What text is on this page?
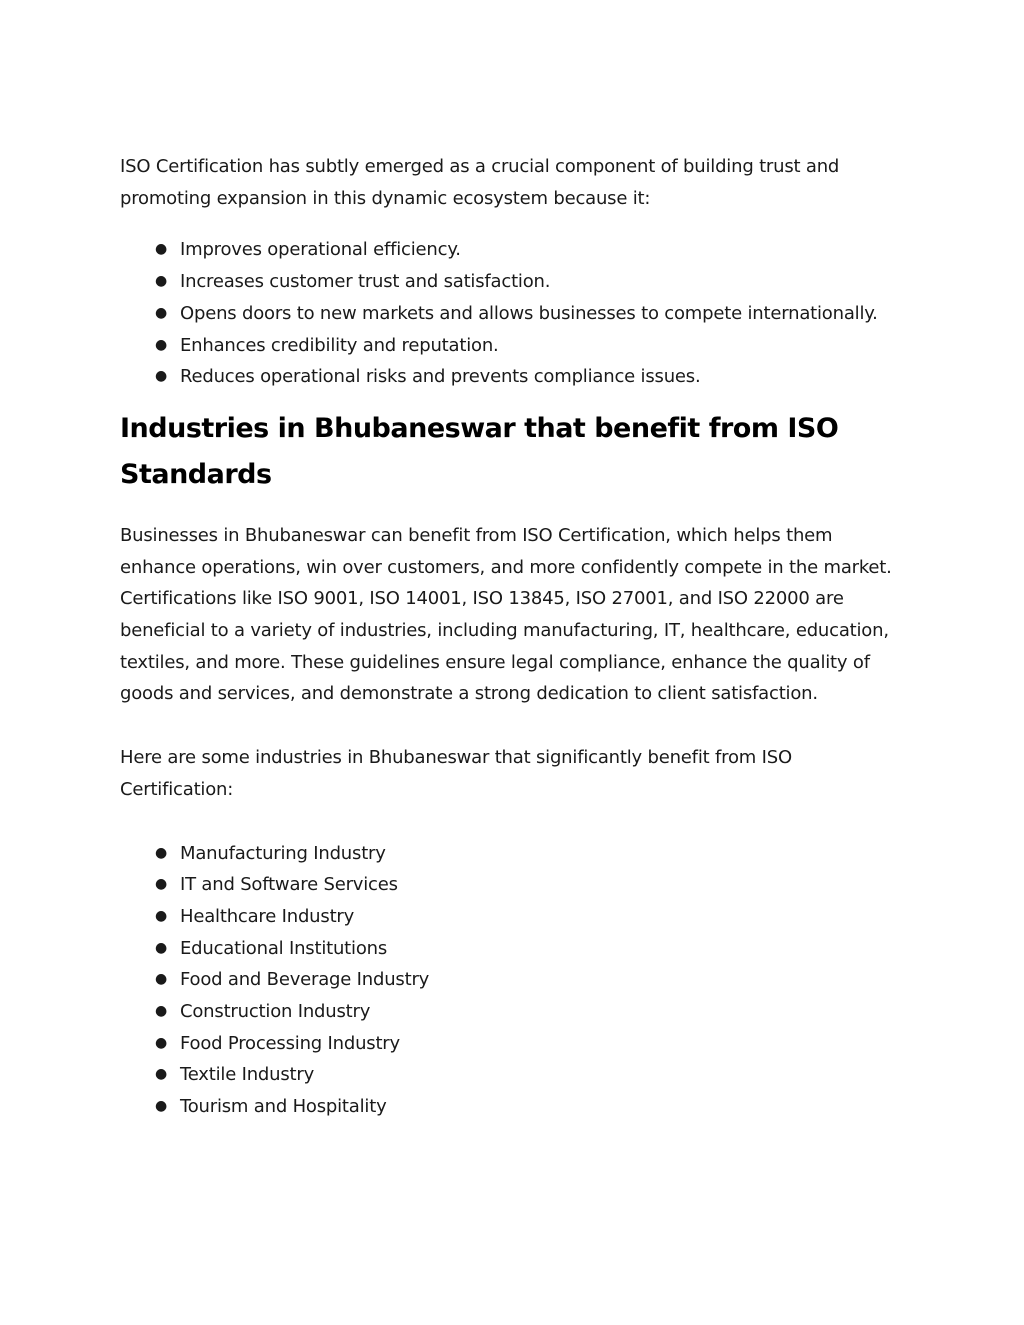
ISO Certification has subtly emerged as a crucial component of building trust and promoting expansion in this dynamic ecosystem because it:

● Improves operational efficiency.
● Increases customer trust and satisfaction.
● Opens doors to new markets and allows businesses to compete internationally.
● Enhances credibility and reputation.
● Reduces operational risks and prevents compliance issues.
Industries in Bhubaneswar that benefit from ISO Standards

Businesses in Bhubaneswar can benefit from ISO Certification, which helps them enhance operations, win over customers, and more confidently compete in the market. Certifications like ISO 9001, ISO 14001, ISO 13845, ISO 27001, and ISO 22000 are beneficial to a variety of industries, including manufacturing, IT, healthcare, education, textiles, and more. These guidelines ensure legal compliance, enhance the quality of goods and services, and demonstrate a strong dedication to client satisfaction.

Here are some industries in Bhubaneswar that significantly benefit from ISO Certification:

● Manufacturing Industry
● IT and Software Services
● Healthcare Industry
● Educational Institutions
● Food and Beverage Industry
● Construction Industry
● Food Processing Industry
● Textile Industry
● Tourism and Hospitality
